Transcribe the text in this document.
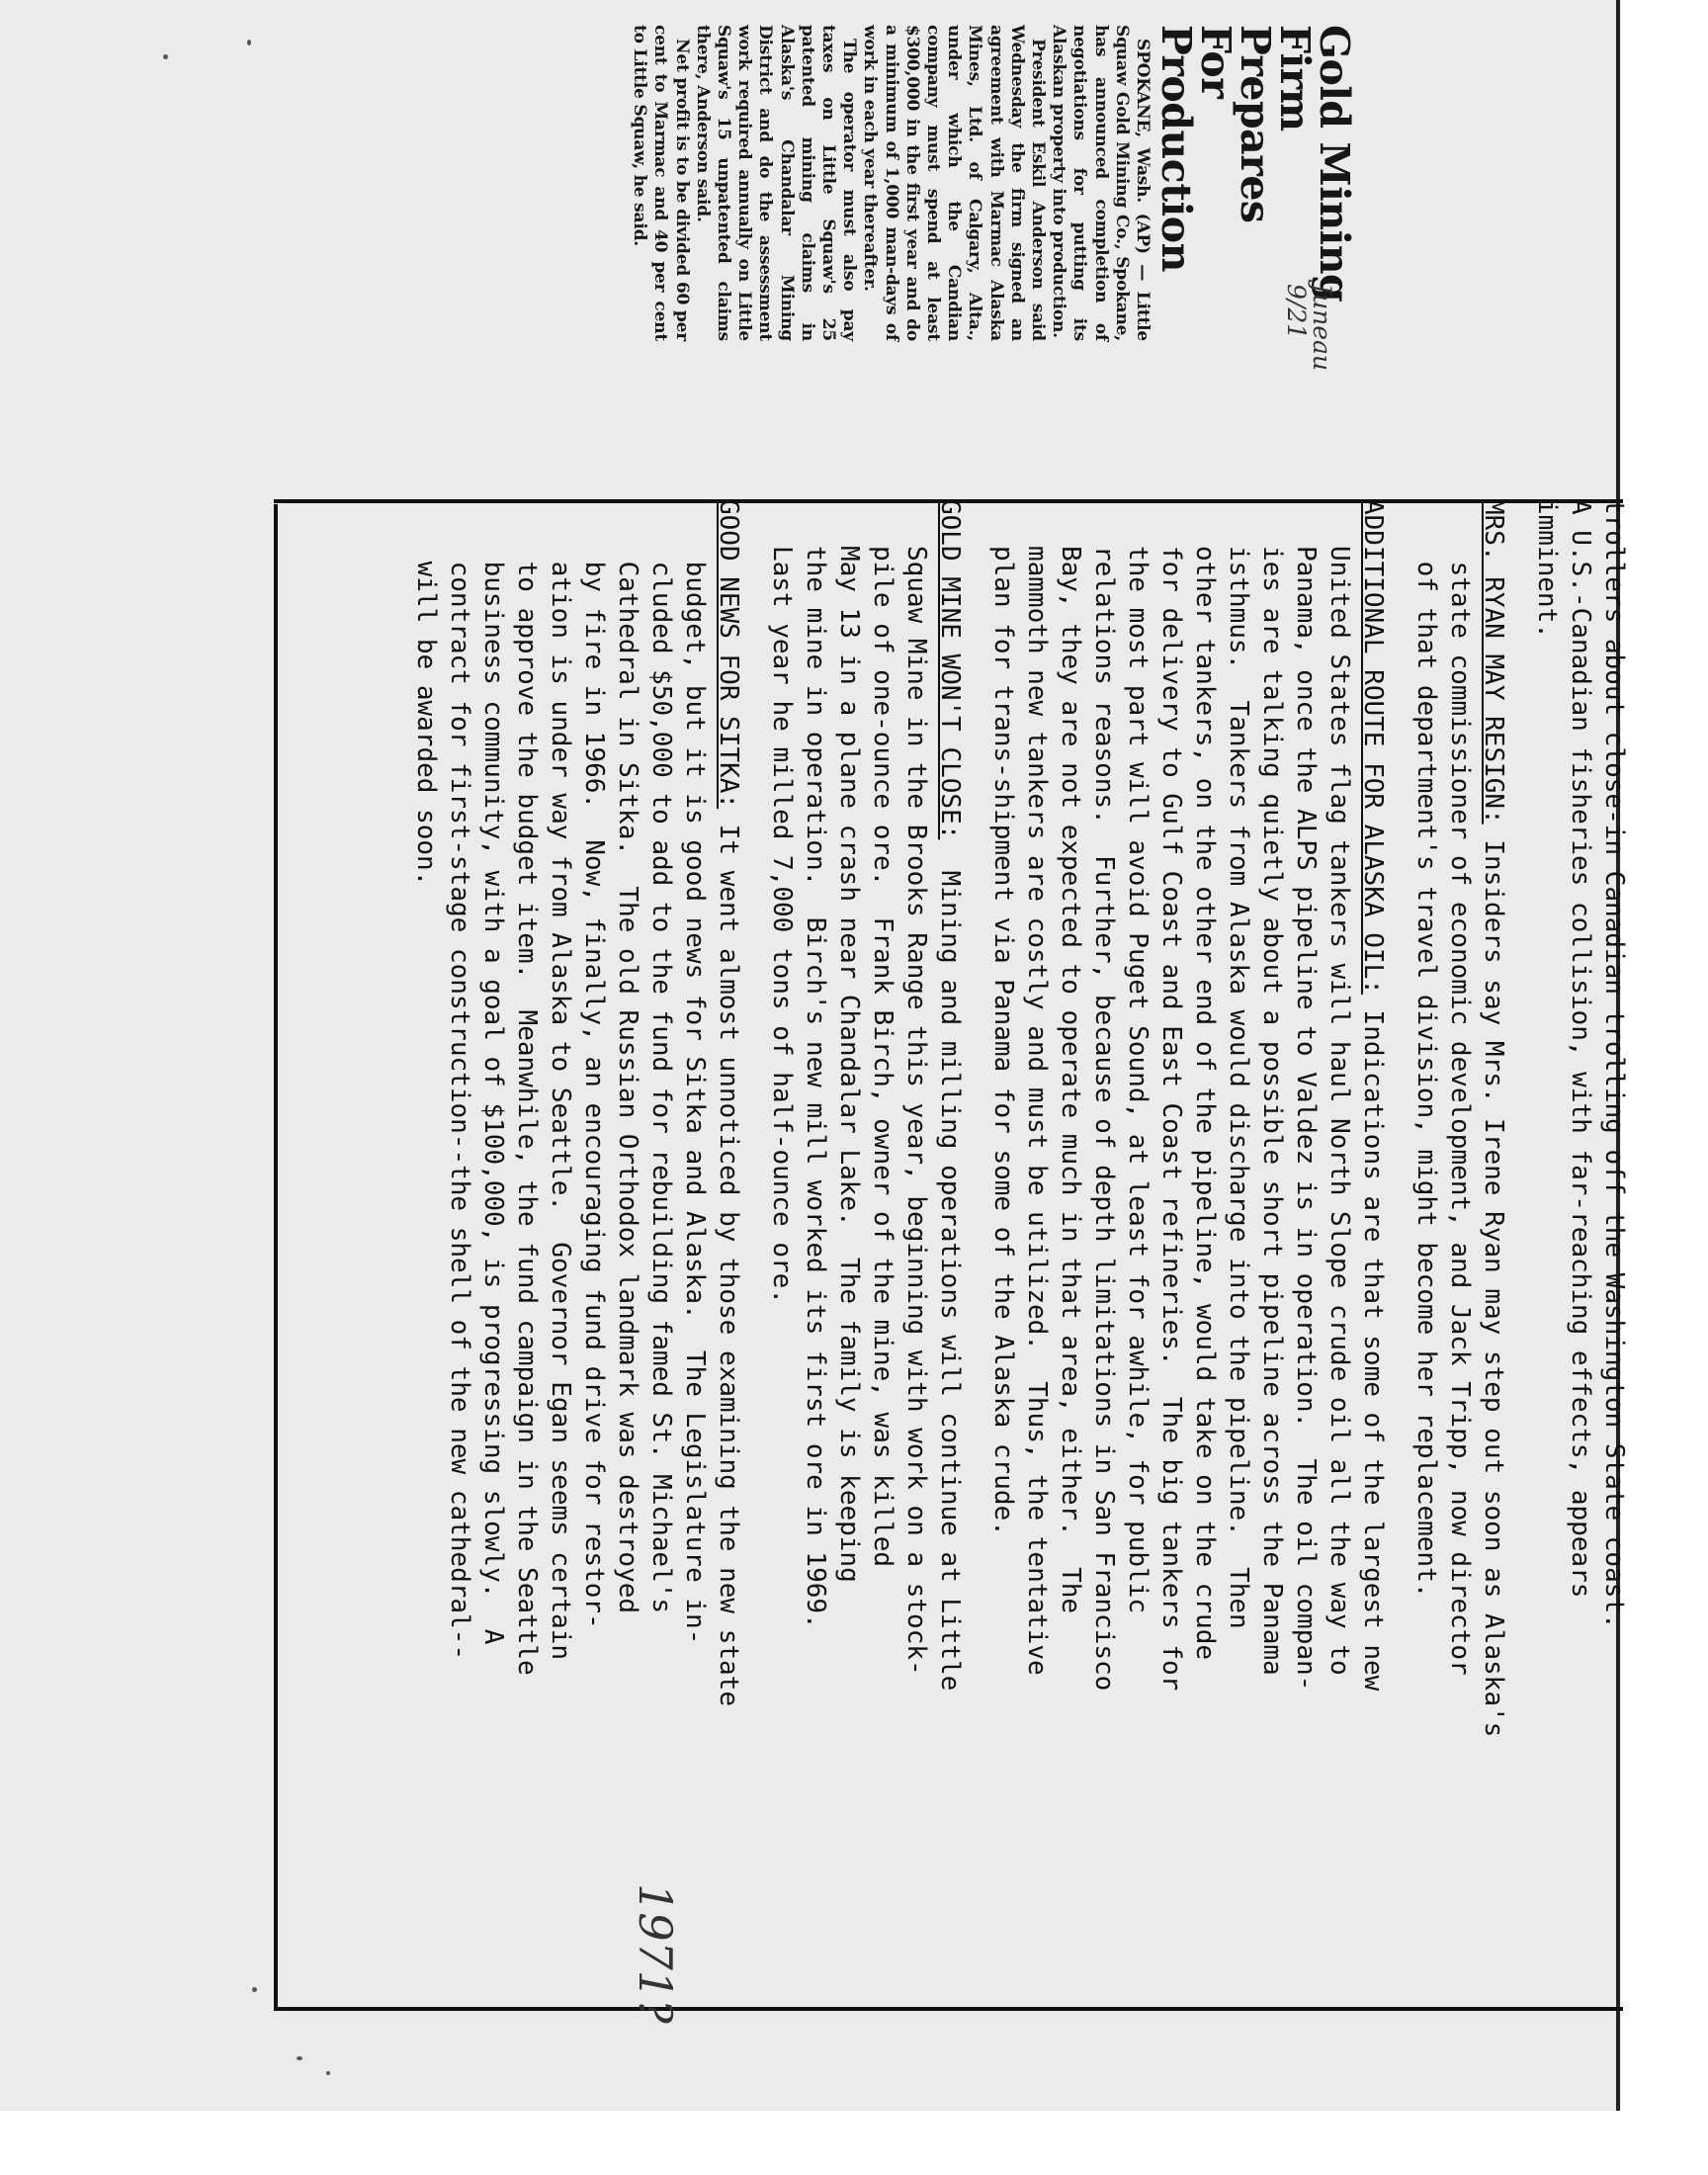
Gold Mining
Firm Prepares
For Production
Juneau
9/21

SPOKANE, Wash. (AP) — Little Squaw Gold Mining Co., Spokane, has announced completion of negotiations for putting its Alaskan property into production.

President Eskil Anderson said Wednesday the firm signed an agreement with Marmac Alaska Mines, Ltd. of Calgary, Alta., under which the Candian company must spend at least $300,000 in the first year and do a minimum of 1,000 man-days of work in each year thereafter.

The operator must also pay taxes on Little Squaw's 25 patented mining claims in Alaska's Chandalar Mining District and do the assessment work required annually on Little Squaw's 15 unpatented claims there, Anderson said.

Net profit is to be divided 60 per cent to Marmac and 40 per cent to Little Squaw, he said.

trollers about close-in Canadian trolling off the Washington State coast.
A U.S.-Canadian fisheries collision, with far-reaching effects, appears
imminent.
MRS. RYAN MAY RESIGN: Insiders say Mrs. Irene Ryan may step out soon as Alaska's
state commissioner of economic development, and Jack Tripp, now director
of that department's travel division, might become her replacement.
ADDITIONAL ROUTE FOR ALASKA OIL: Indications are that some of the largest new
United States flag tankers will haul North Slope crude oil all the way to
Panama, once the ALPS pipeline to Valdez is in operation.  The oil compan-
ies are talking quietly about a possible short pipeline across the Panama
isthmus.  Tankers from Alaska would discharge into the pipeline.  Then
other tankers, on the other end of the pipeline, would take on the crude
for delivery to Gulf Coast and East Coast refineries.  The big tankers for
the most part will avoid Puget Sound, at least for awhile, for public
relations reasons.  Further, because of depth limitations in San Francisco
Bay, they are not expected to operate much in that area, either.  The
mammoth new tankers are costly and must be utilized.  Thus, the tentative
plan for trans-shipment via Panama for some of the Alaska crude.
GOLD MINE WON'T CLOSE:  Mining and milling operations will continue at Little
Squaw Mine in the Brooks Range this year, beginning with work on a stock-
pile of one-ounce ore.  Frank Birch, owner of the mine, was killed
May 13 in a plane crash near Chandalar Lake.  The family is keeping
the mine in operation.  Birch's new mill worked its first ore in 1969.
Last year he milled 7,000 tons of half-ounce ore.
GOOD NEWS FOR SITKA: It went almost unnoticed by those examining the new state
budget, but it is good news for Sitka and Alaska.  The Legislature in-
cluded $50,000 to add to the fund for rebuilding famed St. Michael's
Cathedral in Sitka.  The old Russian Orthodox landmark was destroyed
by fire in 1966.  Now, finally, an encouraging fund drive for restor-
ation is under way from Alaska to Seattle.  Governor Egan seems certain
to approve the budget item.  Meanwhile, the fund campaign in the Seattle
business community, with a goal of $100,000, is progressing slowly.  A
contract for first-stage construction--the shell of the new cathedral--
will be awarded soon.
1971?
